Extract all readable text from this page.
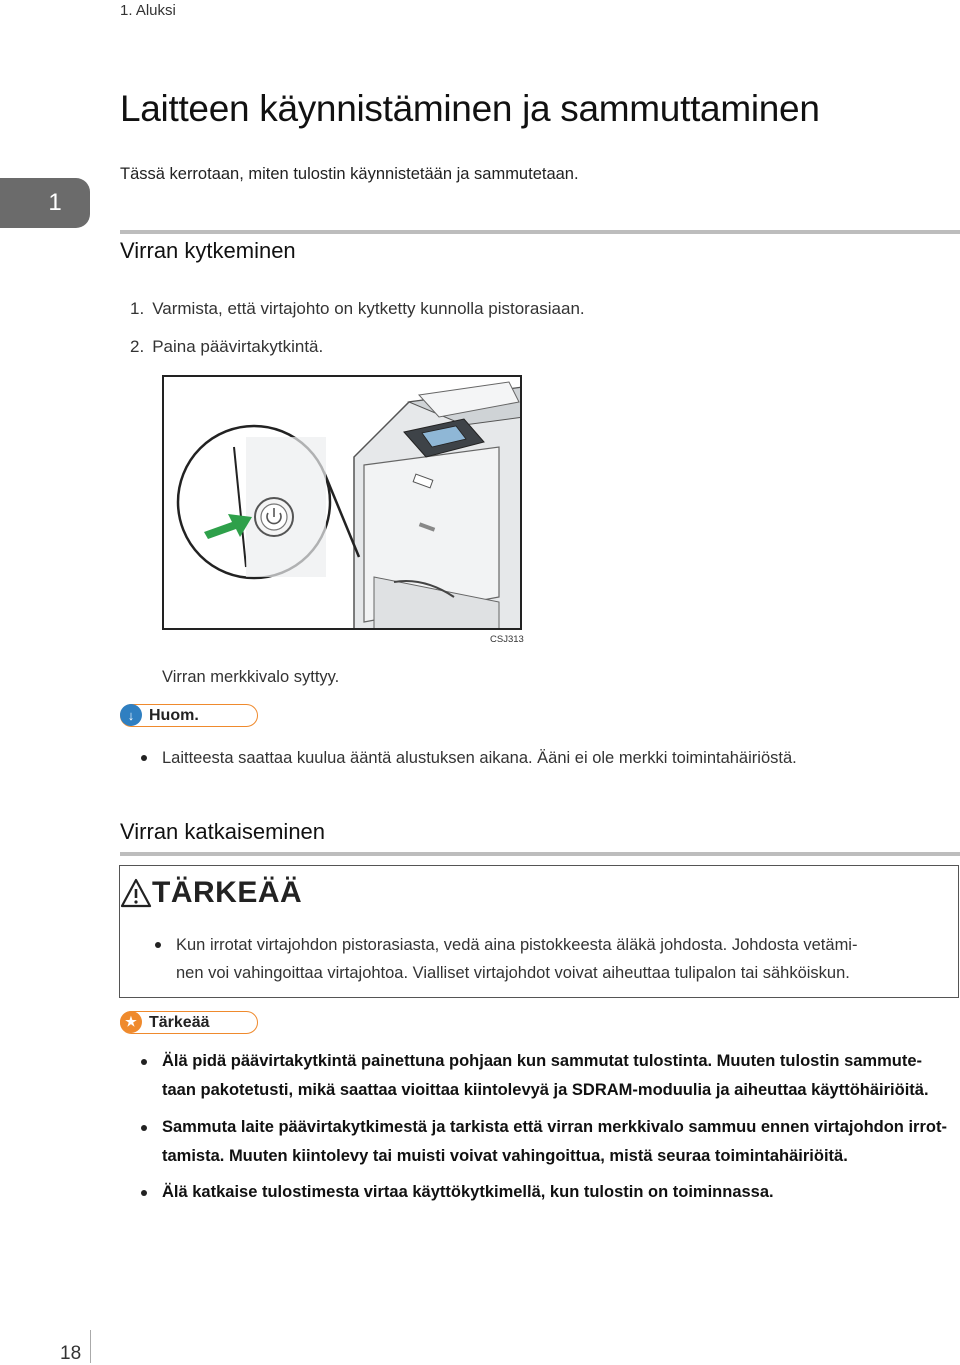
1. Aluksi
1
Laitteen käynnistäminen ja sammuttaminen
Tässä kerrotaan, miten tulostin käynnistetään ja sammutetaan.
Virran kytkeminen
1. Varmista, että virtajohto on kytketty kunnolla pistorasiaan.
2. Paina päävirtakytkintä.
CSJ313
Virran merkkivalo syttyy.
↓ Huom.
Laitteesta saattaa kuulua ääntä alustuksen aikana. Ääni ei ole merkki toimintahäiriöstä.
Virran katkaiseminen
TÄRKEÄÄ
Kun irrotat virtajohdon pistorasiasta, vedä aina pistokkeesta äläkä johdosta. Johdosta vetämi-
nen voi vahingoittaa virtajohtoa. Vialliset virtajohdot voivat aiheuttaa tulipalon tai sähköiskun.
★ Tärkeää
Älä pidä päävirtakytkintä painettuna pohjaan kun sammutat tulostinta. Muuten tulostin sammute-
taan pakotetusti, mikä saattaa vioittaa kiintolevyä ja SDRAM-moduulia ja aiheuttaa käyttöhäiriöitä.
Sammuta laite päävirtakytkimestä ja tarkista että virran merkkivalo sammuu ennen virtajohdon irrot-
tamista. Muuten kiintolevy tai muisti voivat vahingoittua, mistä seuraa toimintahäiriöitä.
Älä katkaise tulostimesta virtaa käyttökytkimellä, kun tulostin on toiminnassa.
18
